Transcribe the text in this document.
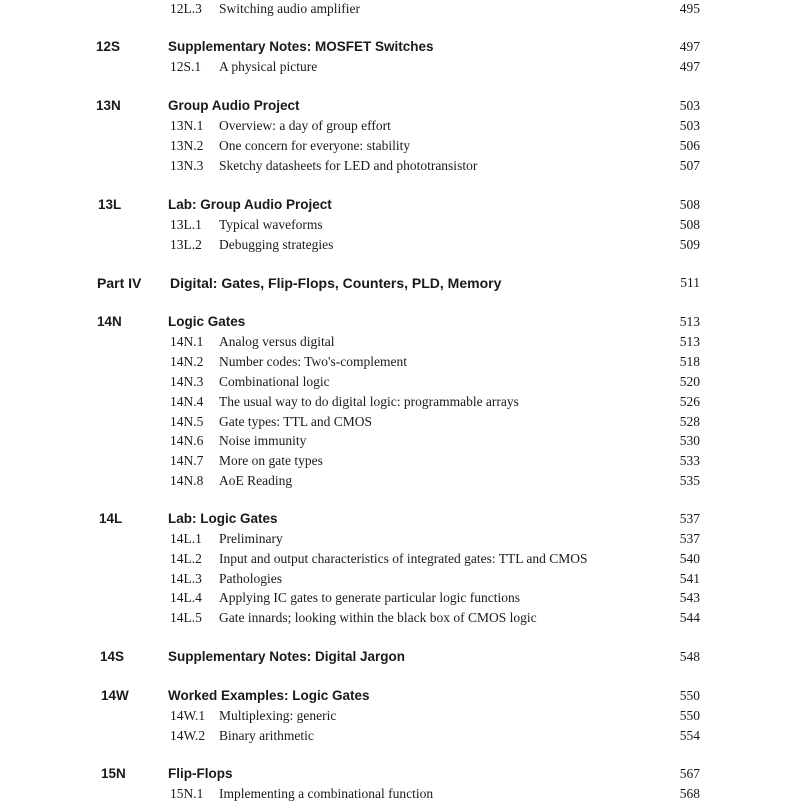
12L.3 Switching audio amplifier	495
12S	Supplementary Notes: MOSFET Switches	497
12S.1 A physical picture	497
13N	Group Audio Project	503
13N.1 Overview: a day of group effort	503
13N.2 One concern for everyone: stability	506
13N.3 Sketchy datasheets for LED and phototransistor	507
13L	Lab: Group Audio Project	508
13L.1 Typical waveforms	508
13L.2 Debugging strategies	509
Part IV Digital: Gates, Flip-Flops, Counters, PLD, Memory	511
14N	Logic Gates	513
14N.1 Analog versus digital	513
14N.2 Number codes: Two's-complement	518
14N.3 Combinational logic	520
14N.4 The usual way to do digital logic: programmable arrays	526
14N.5 Gate types: TTL and CMOS	528
14N.6 Noise immunity	530
14N.7 More on gate types	533
14N.8 AoE Reading	535
14L	Lab: Logic Gates	537
14L.1 Preliminary	537
14L.2 Input and output characteristics of integrated gates: TTL and CMOS	540
14L.3 Pathologies	541
14L.4 Applying IC gates to generate particular logic functions	543
14L.5 Gate innards; looking within the black box of CMOS logic	544
14S	Supplementary Notes: Digital Jargon	548
14W	Worked Examples: Logic Gates	550
14W.1 Multiplexing: generic	550
14W.2 Binary arithmetic	554
15N	Flip-Flops	567
15N.1 Implementing a combinational function	568
